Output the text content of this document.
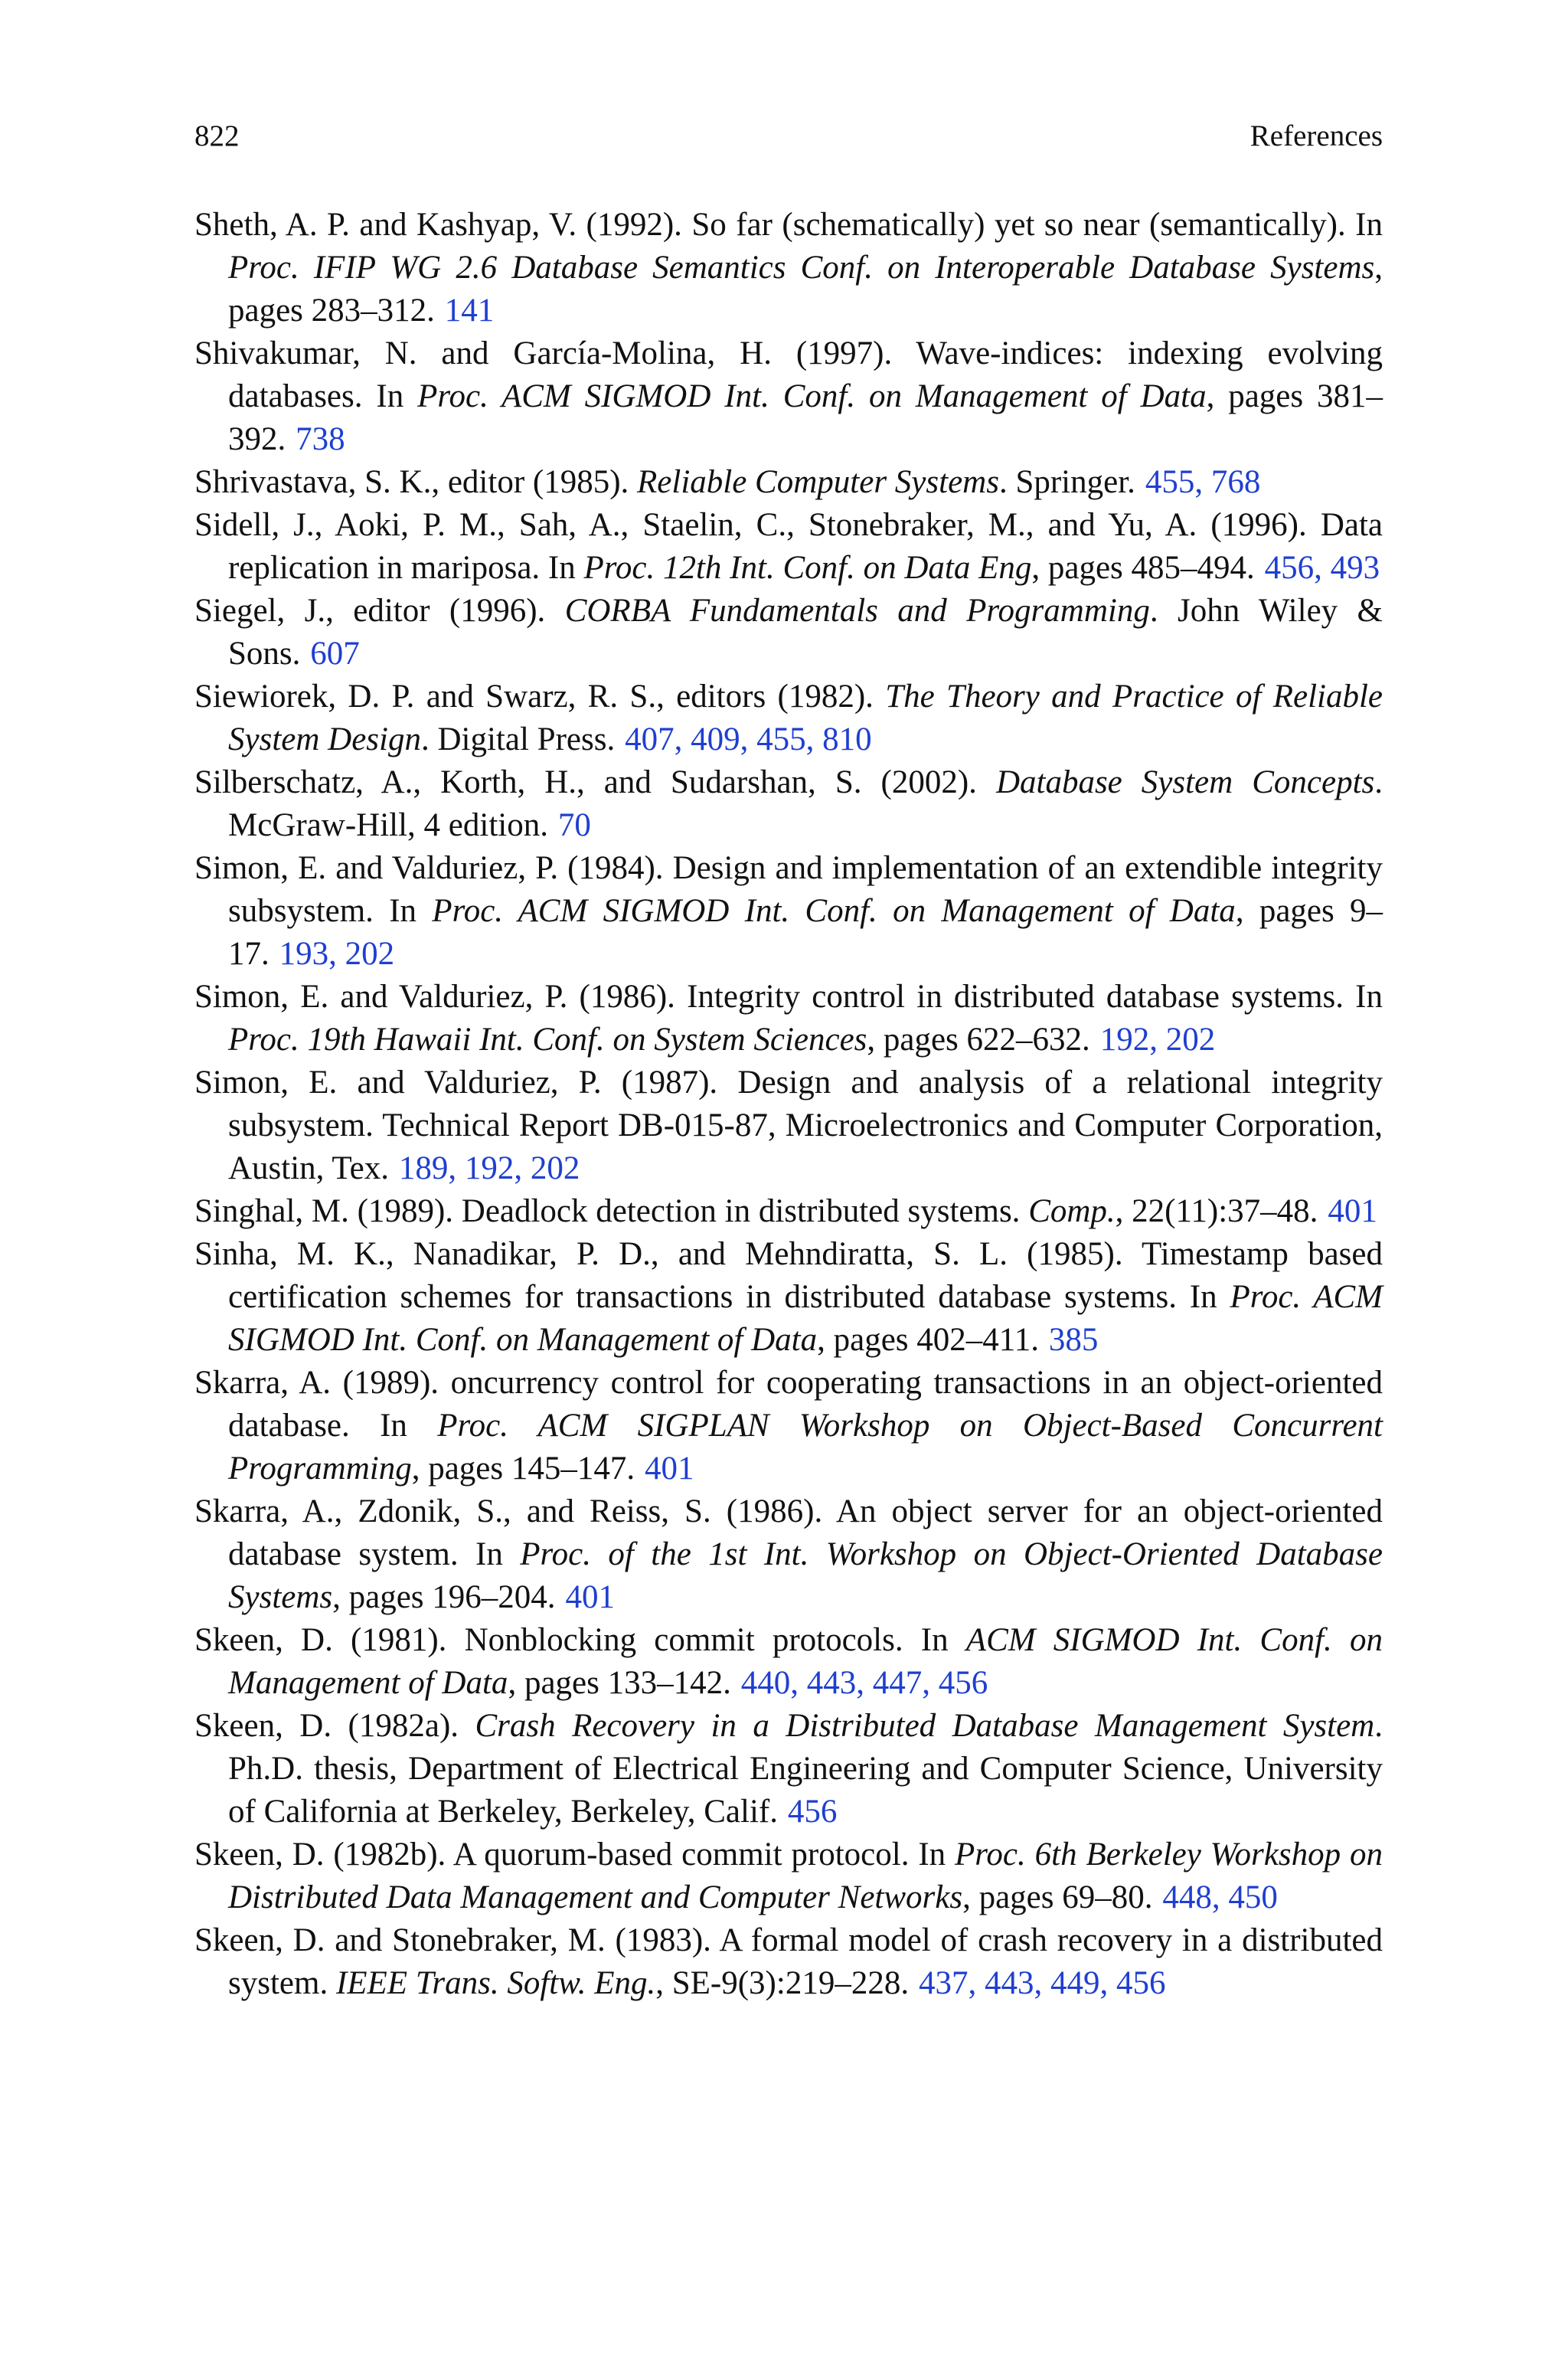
822	References

Sheth, A. P. and Kashyap, V. (1992). So far (schematically) yet so near (semantically). In Proc. IFIP WG 2.6 Database Semantics Conf. on Interoperable Database Systems, pages 283–312. 141

Shivakumar, N. and García-Molina, H. (1997). Wave-indices: indexing evolving databases. In Proc. ACM SIGMOD Int. Conf. on Management of Data, pages 381–392. 738

Shrivastava, S. K., editor (1985). Reliable Computer Systems. Springer. 455, 768

Sidell, J., Aoki, P. M., Sah, A., Staelin, C., Stonebraker, M., and Yu, A. (1996). Data replication in mariposa. In Proc. 12th Int. Conf. on Data Eng, pages 485–494. 456, 493

Siegel, J., editor (1996). CORBA Fundamentals and Programming. John Wiley & Sons. 607

Siewiorek, D. P. and Swarz, R. S., editors (1982). The Theory and Practice of Reliable System Design. Digital Press. 407, 409, 455, 810

Silberschatz, A., Korth, H., and Sudarshan, S. (2002). Database System Concepts. McGraw-Hill, 4 edition. 70

Simon, E. and Valduriez, P. (1984). Design and implementation of an extendible integrity subsystem. In Proc. ACM SIGMOD Int. Conf. on Management of Data, pages 9–17. 193, 202

Simon, E. and Valduriez, P. (1986). Integrity control in distributed database systems. In Proc. 19th Hawaii Int. Conf. on System Sciences, pages 622–632. 192, 202

Simon, E. and Valduriez, P. (1987). Design and analysis of a relational integrity subsystem. Technical Report DB-015-87, Microelectronics and Computer Corporation, Austin, Tex. 189, 192, 202

Singhal, M. (1989). Deadlock detection in distributed systems. Comp., 22(11):37–48. 401

Sinha, M. K., Nanadikar, P. D., and Mehndiratta, S. L. (1985). Timestamp based certification schemes for transactions in distributed database systems. In Proc. ACM SIGMOD Int. Conf. on Management of Data, pages 402–411. 385

Skarra, A. (1989). oncurrency control for cooperating transactions in an object-oriented database. In Proc. ACM SIGPLAN Workshop on Object-Based Concurrent Programming, pages 145–147. 401

Skarra, A., Zdonik, S., and Reiss, S. (1986). An object server for an object-oriented database system. In Proc. of the 1st Int. Workshop on Object-Oriented Database Systems, pages 196–204. 401

Skeen, D. (1981). Nonblocking commit protocols. In ACM SIGMOD Int. Conf. on Management of Data, pages 133–142. 440, 443, 447, 456

Skeen, D. (1982a). Crash Recovery in a Distributed Database Management System. Ph.D. thesis, Department of Electrical Engineering and Computer Science, University of California at Berkeley, Berkeley, Calif. 456

Skeen, D. (1982b). A quorum-based commit protocol. In Proc. 6th Berkeley Workshop on Distributed Data Management and Computer Networks, pages 69–80. 448, 450

Skeen, D. and Stonebraker, M. (1983). A formal model of crash recovery in a distributed system. IEEE Trans. Softw. Eng., SE-9(3):219–228. 437, 443, 449, 456
